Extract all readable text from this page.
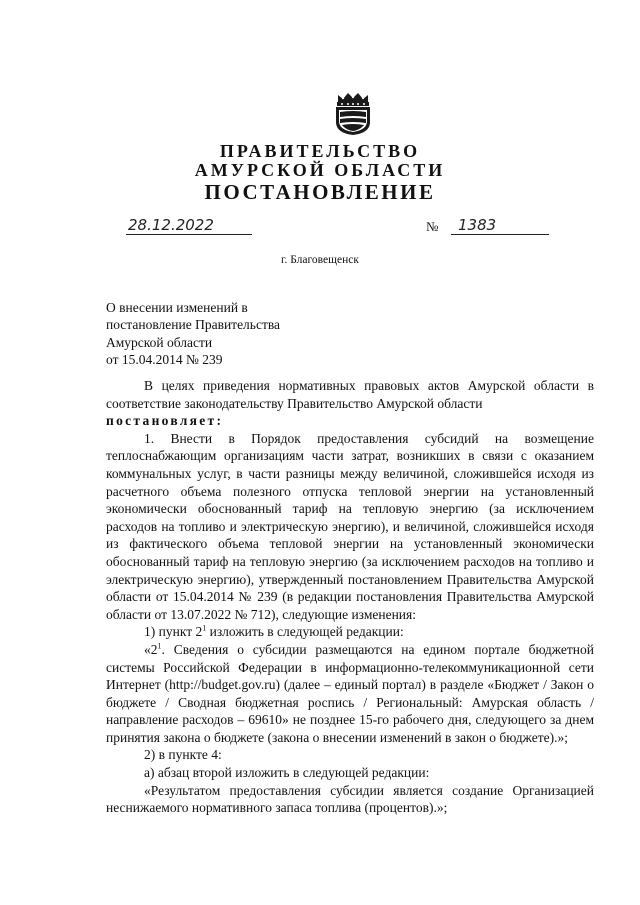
ПРАВИТЕЛЬСТВО
АМУРСКОЙ ОБЛАСТИ
ПОСТАНОВЛЕНИЕ
28.12.2022	№ 1383
г. Благовещенск
О внесении изменений в
постановление Правительства
Амурской области
от 15.04.2014 № 239

В целях приведения нормативных правовых актов Амурской области в соответствие законодательству Правительство Амурской области

постановляет:

1. Внести в Порядок предоставления субсидий на возмещение теплоснабжающим организациям части затрат, возникших в связи с оказанием коммунальных услуг, в части разницы между величиной, сложившейся исходя из расчетного объема полезного отпуска тепловой энергии на установленный экономически обоснованный тариф на тепловую энергию (за исключением расходов на топливо и электрическую энергию), и величиной, сложившейся исходя из фактического объема тепловой энергии на установленный экономически обоснованный тариф на тепловую энергию (за исключением расходов на топливо и электрическую энергию), утвержденный постановлением Правительства Амурской области от 15.04.2014 № 239 (в редакции постановления Правительства Амурской области от 13.07.2022 № 712), следующие изменения:

1) пункт $2^1$ изложить в следующей редакции:

«$2^1$. Сведения о субсидии размещаются на едином портале бюджетной системы Российской Федерации в информационно-телекоммуникационной сети Интернет (http://budget.gov.ru) (далее – единый портал) в разделе «Бюджет / Закон о бюджете / Сводная бюджетная роспись / Региональный: Амурская область / направление расходов – 69610» не позднее 15-го рабочего дня, следующего за днем принятия закона о бюджете (закона о внесении изменений в закон о бюджете).»;

2) в пункте 4:

а) абзац второй изложить в следующей редакции:

«Результатом предоставления субсидии является создание Организацией неснижаемого нормативного запаса топлива (процентов).»;
